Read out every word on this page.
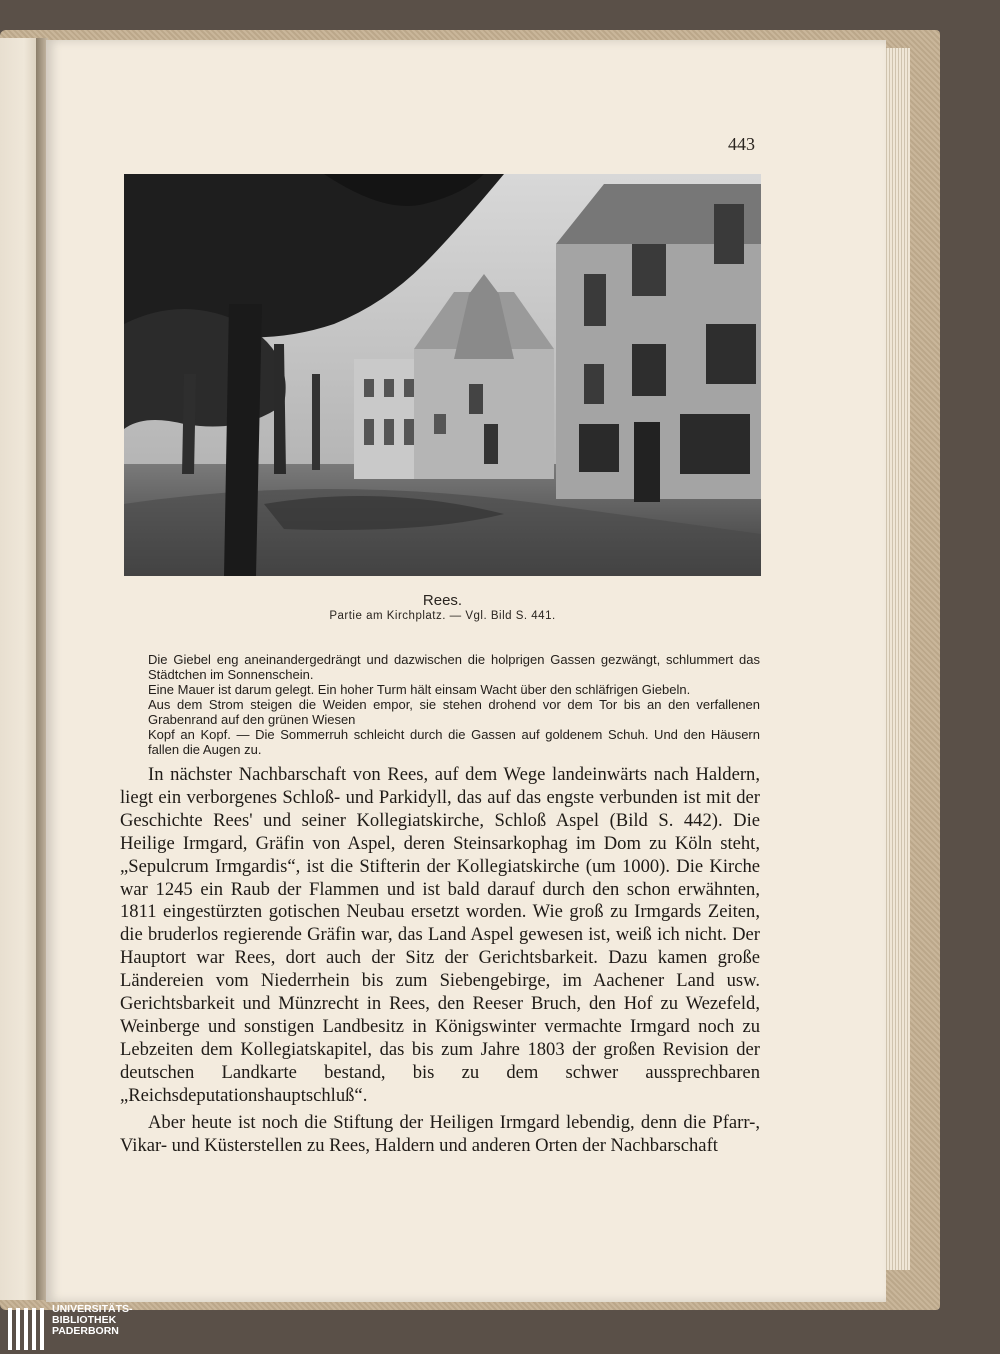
443
Rees.
Partie am Kirchplatz. — Vgl. Bild S. 441.

Die Giebel eng aneinandergedrängt und dazwischen die holprigen Gassen gezwängt, schlummert das Städtchen im Sonnenschein.

Eine Mauer ist darum gelegt. Ein hoher Turm hält einsam Wacht über den schläfrigen Giebeln.

Aus dem Strom steigen die Weiden empor, sie stehen drohend vor dem Tor bis an den verfallenen Grabenrand auf den grünen Wiesen

Kopf an Kopf. — Die Sommerruh schleicht durch die Gassen auf goldenem Schuh. Und den Häusern fallen die Augen zu.

In nächster Nachbarschaft von Rees, auf dem Wege landeinwärts nach Haldern, liegt ein verborgenes Schloß- und Parkidyll, das auf das engste verbunden ist mit der Geschichte Rees' und seiner Kollegiatskirche, Schloß Aspel (Bild S. 442). Die Heilige Irmgard, Gräfin von Aspel, deren Steinsarkophag im Dom zu Köln steht, „Sepulcrum Irmgardis“, ist die Stifterin der Kollegiatskirche (um 1000). Die Kirche war 1245 ein Raub der Flammen und ist bald darauf durch den schon erwähnten, 1811 eingestürzten gotischen Neubau ersetzt worden. Wie groß zu Irmgards Zeiten, die bruderlos regierende Gräfin war, das Land Aspel gewesen ist, weiß ich nicht. Der Hauptort war Rees, dort auch der Sitz der Gerichtsbarkeit. Dazu kamen große Ländereien vom Niederrhein bis zum Siebengebirge, im Aachener Land usw. Gerichtsbarkeit und Münzrecht in Rees, den Reeser Bruch, den Hof zu Wezefeld, Weinberge und sonstigen Landbesitz in Königswinter vermachte Irmgard noch zu Lebzeiten dem Kollegiatskapitel, das bis zum Jahre 1803 der großen Revision der deutschen Landkarte bestand, bis zu dem schwer aussprechbaren „Reichsdeputationshauptschluß“.

Aber heute ist noch die Stiftung der Heiligen Irmgard lebendig, denn die Pfarr-, Vikar- und Küsterstellen zu Rees, Haldern und anderen Orten der Nachbarschaft

UNIVERSITÄTS-
BIBLIOTHEK
PADERBORN
